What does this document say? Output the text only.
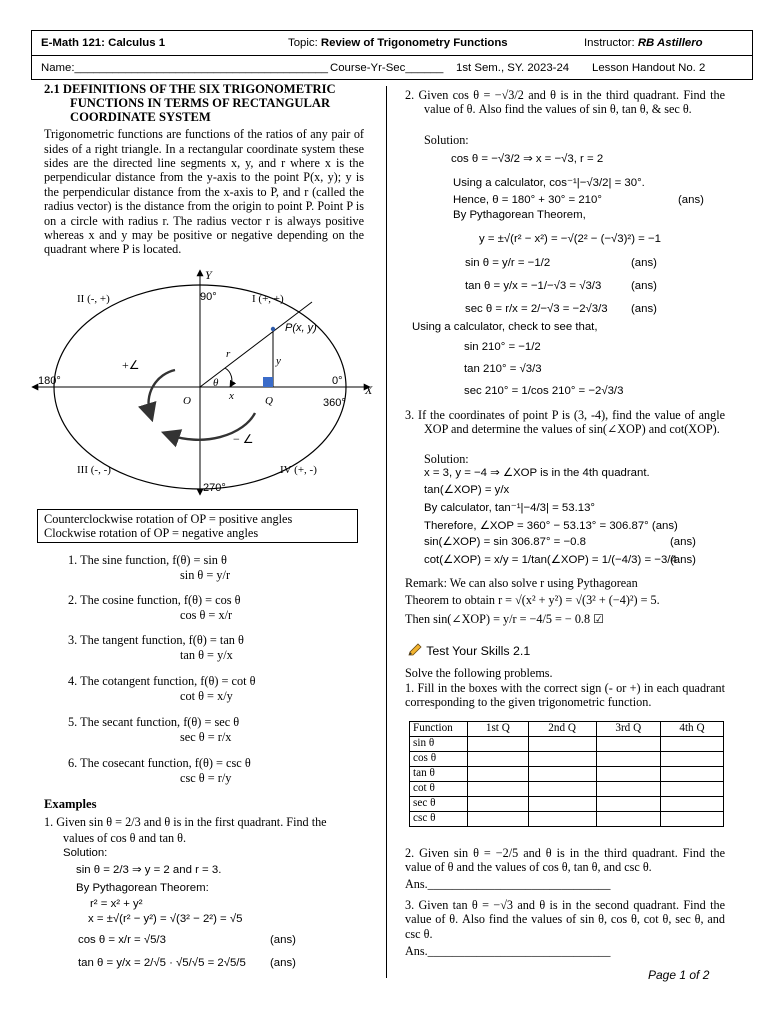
E-Math 121: Calculus 1	Topic: Review of Trigonometry Functions	Instructor: RB Astillero
Name:________________________________________ Course-Yr-Sec______ 1st Sem., SY. 2023-24 Lesson Handout No. 2
2.1 DEFINITIONS OF THE SIX TRIGONOMETRIC FUNCTIONS IN TERMS OF RECTANGULAR COORDINATE SYSTEM
Trigonometric functions are functions of the ratios of any pair of sides of a right triangle. In a rectangular coordinate system these sides are the directed line segments x, y, and r where x is the perpendicular distance from the y-axis to the point P(x, y); y is the perpendicular distance from the x-axis to P, and r (called the radius vector) is the distance from the origin to point P. Point P is on a circle with radius r. The radius vector r is always positive whereas x and y may be positive or negative depending on the quadrant where P is located.
Y
X
90°
0°
360°
180°
270°
I (+, +)
II (-, +)
III (-, -)	IV (+, -)
P(x, y)
r
y
x
θ
O	Q
+∠
− ∠
Counterclockwise rotation of OP = positive angles
Clockwise rotation of OP = negative angles
1. The sine function, f(θ) = sin θ
sin θ = y/r
2. The cosine function, f(θ) = cos θ
cos θ = x/r
3. The tangent function, f(θ) = tan θ
tan θ = y/x
4. The cotangent function, f(θ) = cot θ
cot θ = x/y
5. The secant function, f(θ) = sec θ
sec θ = r/x
6. The cosecant function, f(θ) = csc θ
csc θ = r/y
Examples
1. Given sin θ = 2/3 and θ is in the first quadrant. Find the
values of cos θ and tan θ.
Solution:
sin θ = 2/3 ⇒ y = 2 and r = 3.
By Pythagorean Theorem:
r² = x² + y²
x = ±√(r² − y²) = √(3² − 2²) = √5
cos θ = x/r = √5/3	(ans)
tan θ = y/x = 2/√5 · √5/√5 = 2√5/5 (ans)
2. Given cos θ = −√3/2 and θ is in the third quadrant. Find the value of θ. Also find the values of sin θ, tan θ, & sec θ.
Solution:
cos θ = −√3/2 ⇒ x = −√3, r = 2
Using a calculator, cos⁻¹|−√3/2| = 30°.
Hence, θ = 180° + 30° = 210°	(ans)
By Pythagorean Theorem,
y = ±√(r² − x²) = −√(2² − (−√3)²) = −1
sin θ = y/r = −1/2	(ans)
tan θ = y/x = −1/−√3 = √3/3	(ans)
sec θ = r/x = 2/−√3 = −2√3/3 (ans)
Using a calculator, check to see that,
sin 210° = −1/2
tan 210° = √3/3
sec 210° = 1/cos 210° = −2√3/3
3. If the coordinates of point P is (3, -4), find the value of angle XOP and determine the values of sin(∠XOP) and cot(XOP).
Solution:
x = 3, y = −4 ⇒ ∠XOP is in the 4th quadrant.
tan(∠XOP) = y/x
By calculator, tan⁻¹|−4/3| = 53.13°
Therefore, ∠XOP = 360° − 53.13° = 306.87° (ans)
sin(∠XOP) = sin 306.87° = −0.8	(ans)
cot(∠XOP) = x/y = 1/tan(∠XOP) = 1/(−4/3) = −3/4
(ans)
Remark: We can also solve r using Pythagorean
Theorem to obtain r = √(x² + y²) = √(3² + (−4)²) = 5.
Then sin(∠XOP) = y/r = −4/5 = − 0.8 ☑
Test Your Skills 2.1
Solve the following problems.
1. Fill in the boxes with the correct sign (- or +) in each quadrant corresponding to the given trigonometric function.
Function	1st Q	2nd Q	3rd Q	4th Q
sin θ				
cos θ				
tan θ				
cot θ				
sec θ				
csc θ				
2. Given sin θ = −2/5 and θ is in the third quadrant. Find the value of θ and the values of cos θ, tan θ, and csc θ.
Ans.______________________________
3. Given tan θ = −√3 and θ is in the second quadrant. Find the value of θ. Also find the values of sin θ, cos θ, cot θ, sec θ, and csc θ.
Ans.______________________________
Page 1 of 2
